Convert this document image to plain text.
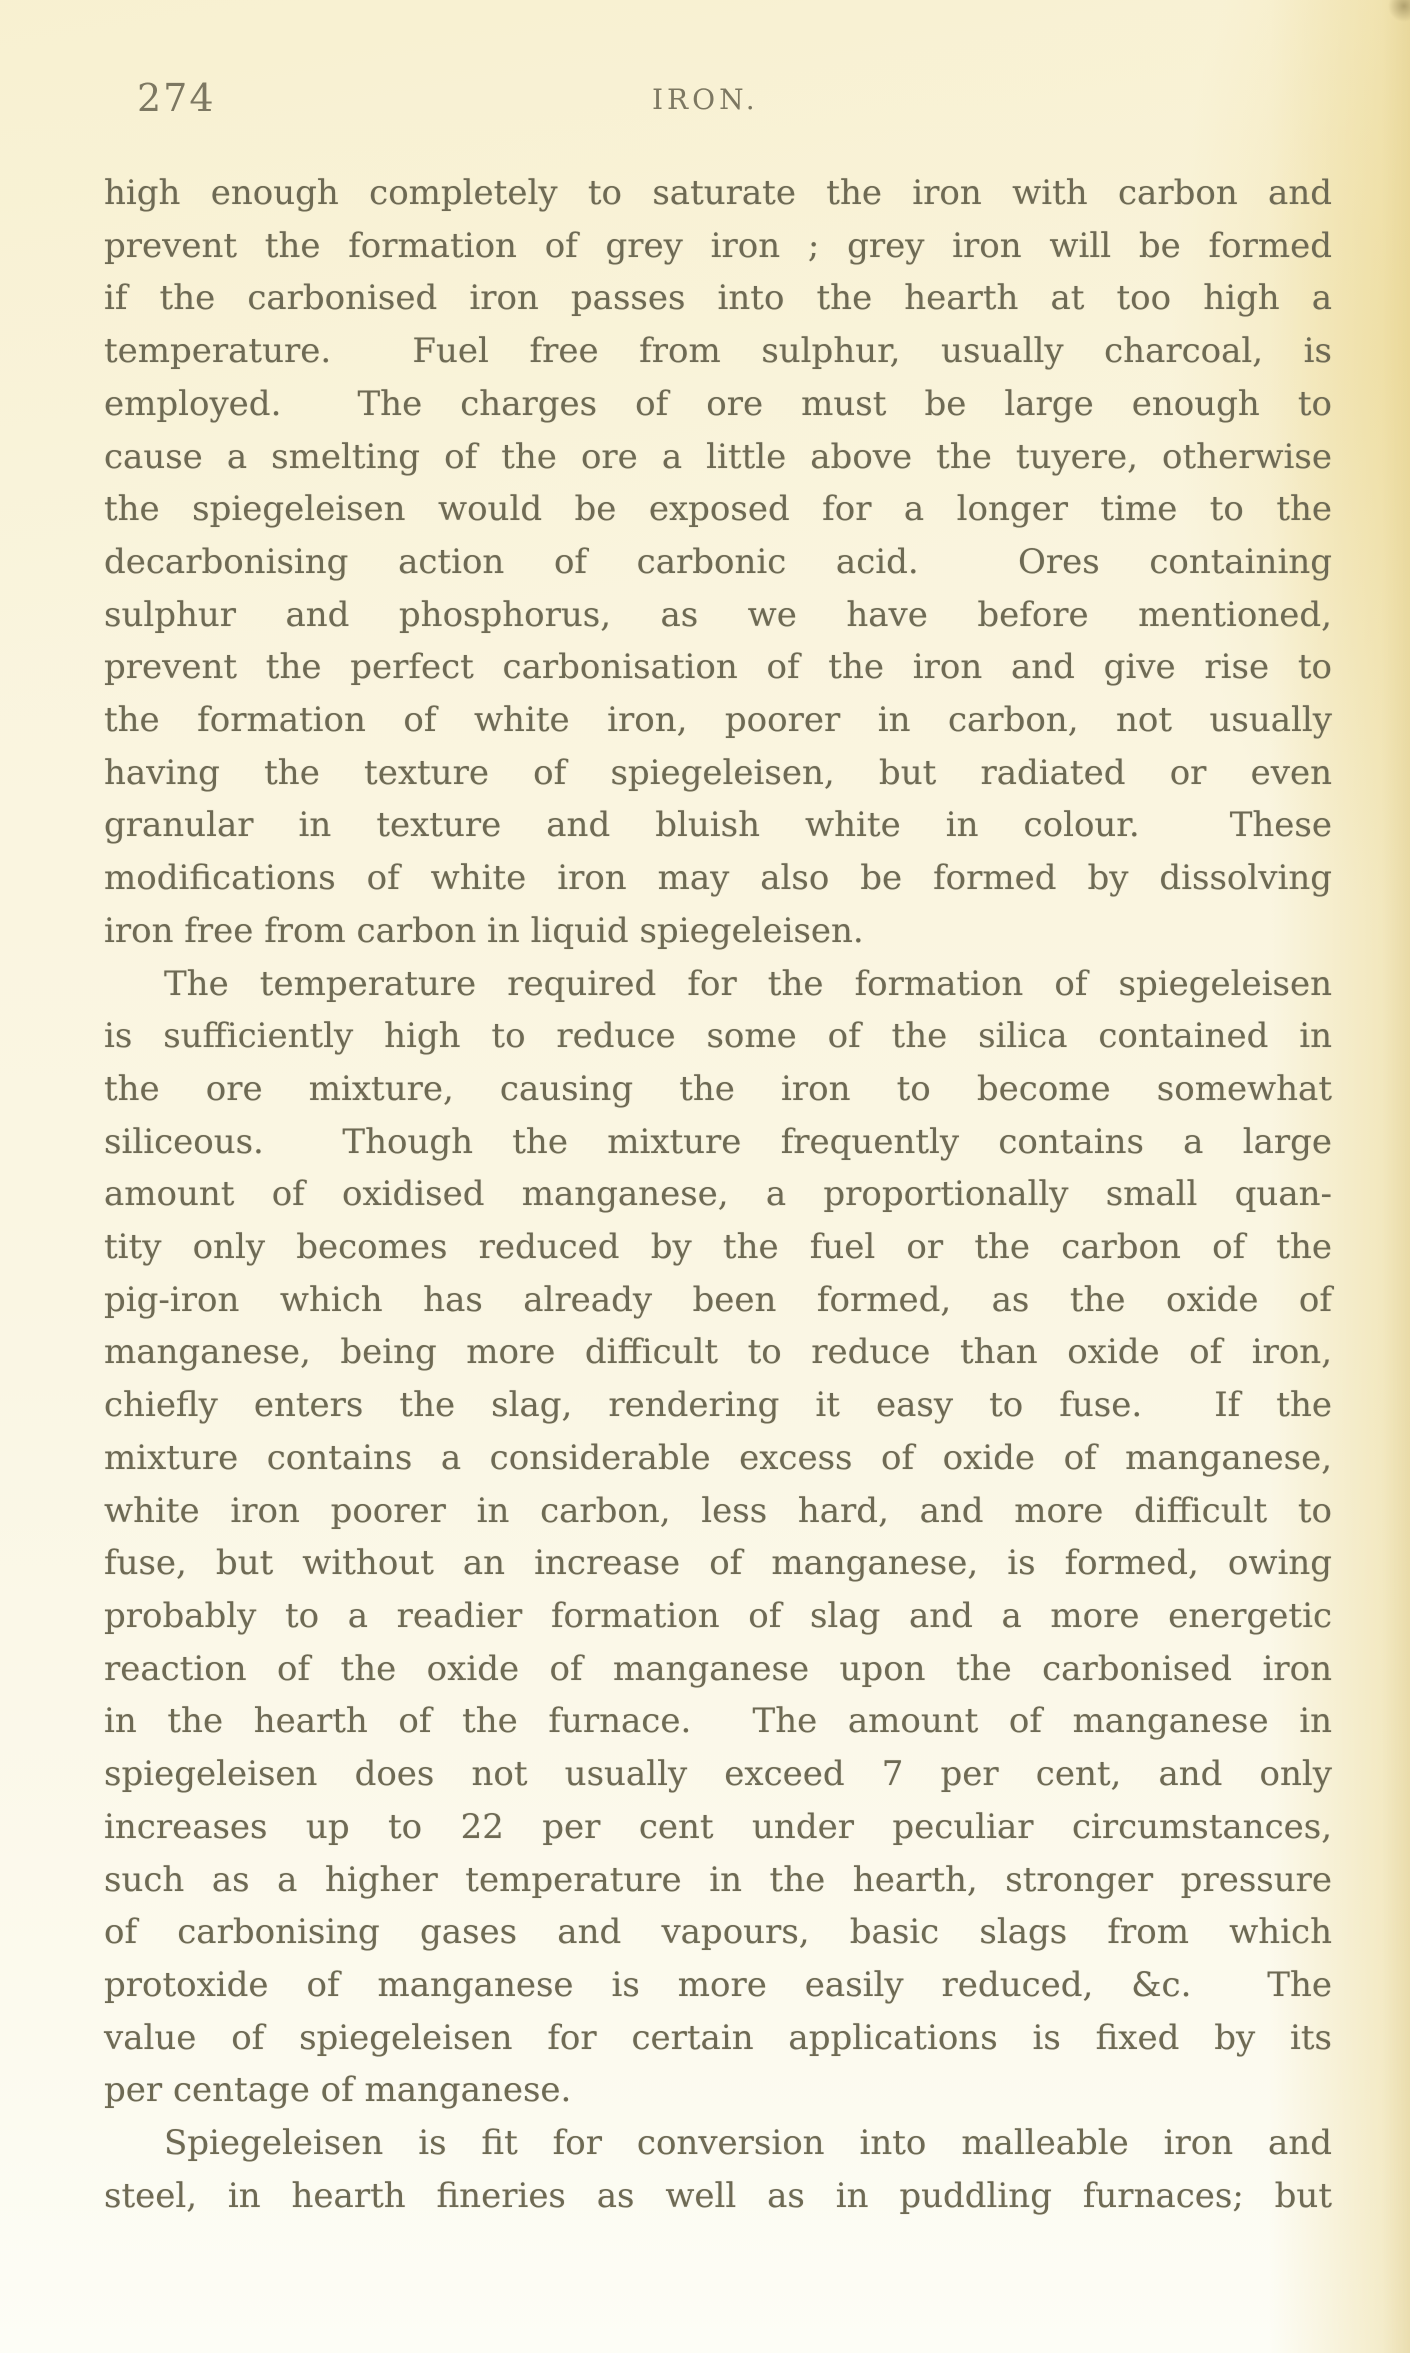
274	IRON.
high enough completely to saturate the iron with carbon and
prevent the formation of grey iron ; grey iron will be formed
if the carbonised iron passes into the hearth at too high a
temperature.  Fuel free from sulphur, usually charcoal, is
employed.  The charges of ore must be large enough to
cause a smelting of the ore a little above the tuyere, otherwise
the spiegeleisen would be exposed for a longer time to the
decarbonising action of carbonic acid.  Ores containing
sulphur and phosphorus, as we have before mentioned,
prevent the perfect carbonisation of the iron and give rise to
the formation of white iron, poorer in carbon, not usually
having the texture of spiegeleisen, but radiated or even
granular in texture and bluish white in colour.  These
modifications of white iron may also be formed by dissolving
iron free from carbon in liquid spiegeleisen.
The temperature required for the formation of spiegeleisen
is sufficiently high to reduce some of the silica contained in
the ore mixture, causing the iron to become somewhat
siliceous.  Though the mixture frequently contains a large
amount of oxidised manganese, a proportionally small quan-
tity only becomes reduced by the fuel or the carbon of the
pig-iron which has already been formed, as the oxide of
manganese, being more difficult to reduce than oxide of iron,
chiefly enters the slag, rendering it easy to fuse.  If the
mixture contains a considerable excess of oxide of manganese,
white iron poorer in carbon, less hard, and more difficult to
fuse, but without an increase of manganese, is formed, owing
probably to a readier formation of slag and a more energetic
reaction of the oxide of manganese upon the carbonised iron
in the hearth of the furnace.  The amount of manganese in
spiegeleisen does not usually exceed 7 per cent, and only
increases up to 22 per cent under peculiar circumstances,
such as a higher temperature in the hearth, stronger pressure
of carbonising gases and vapours, basic slags from which
protoxide of manganese is more easily reduced, &c.  The
value of spiegeleisen for certain applications is fixed by its
per centage of manganese.
Spiegeleisen is fit for conversion into malleable iron and
steel, in hearth fineries as well as in puddling furnaces; but
